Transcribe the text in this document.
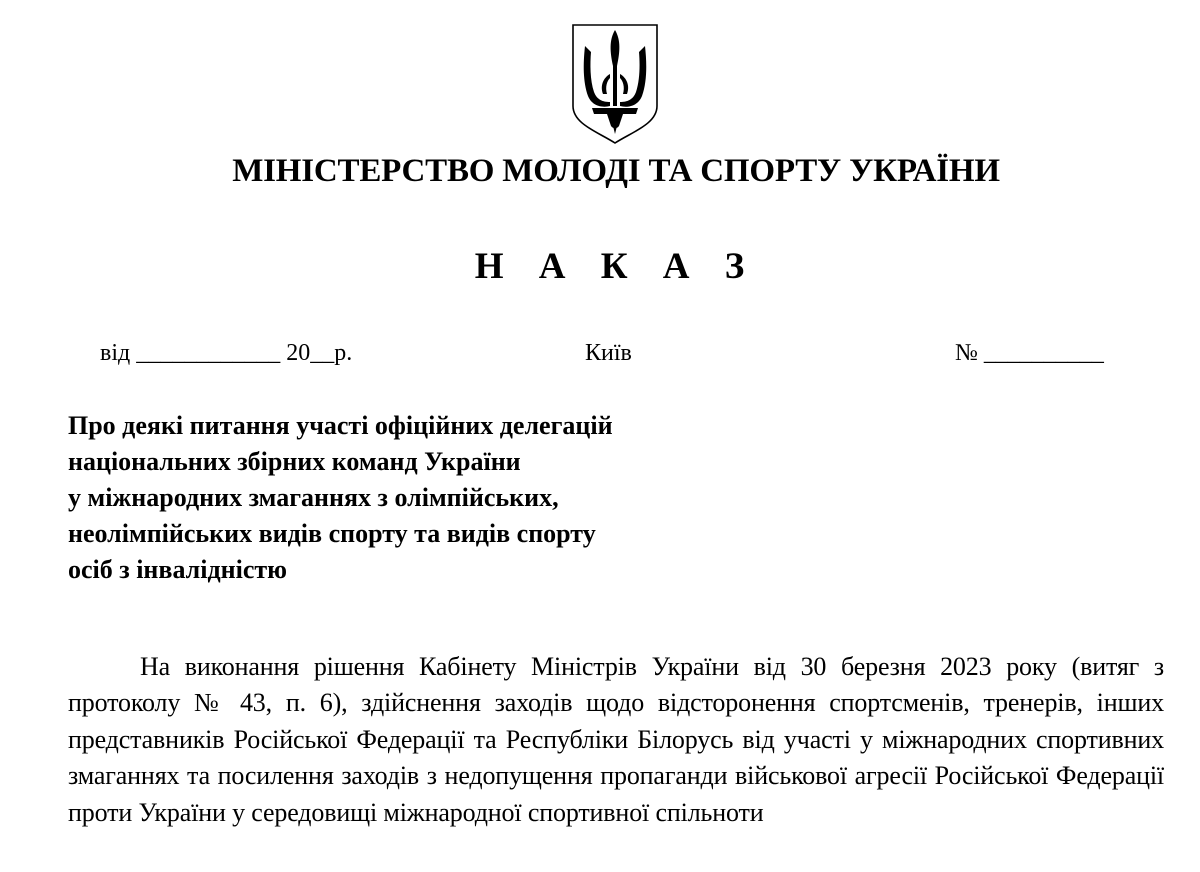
МІНІСТЕРСТВО МОЛОДІ ТА СПОРТУ УКРАЇНИ
Н А К А З
від ____________ 20__р.	Київ	№ __________
Про деякі питання участі офіційних делегацій
національних збірних команд України
у міжнародних змаганнях з олімпійських,
неолімпійських видів спорту та видів спорту
осіб з інвалідністю

На виконання рішення Кабінету Міністрів України від 30 березня 2023 року (витяг з протоколу № 43, п. 6), здійснення заходів щодо відсторонення спортсменів, тренерів, інших представників Російської Федерації та Республіки Білорусь від участі у міжнародних спортивних змаганнях та посилення заходів з недопущення пропаганди військової агресії Російської Федерації проти України у середовищі міжнародної спортивної спільноти
